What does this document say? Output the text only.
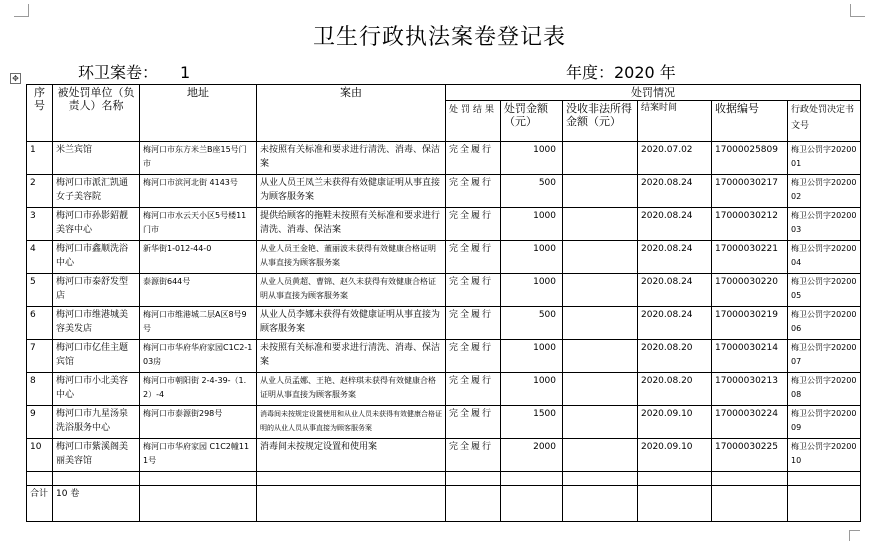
卫生行政执法案卷登记表
环卫案卷： 1	年度：2020 年
✥
序号	被处罚单位（负责人）名称	地址	案由	处罚情况					
				处罚结果	处罚金额（元）	没收非法所得金额（元）	结案时间	收据编号	行政处罚决定书文号
1	米兰宾馆	梅河口市东方米兰B座15号门市	未按照有关标准和要求进行清洗、消毒、保洁案	完全履行	1000		2020.07.02	17000025809	梅卫公罚字2020001
2	梅河口市派汇凯通女子美容院	梅河口市滨河北街 4143号	从业人员王凤兰未获得有效健康证明从事直接为顾客服务案	完全履行	500		2020.08.24	17000030217	梅卫公罚字2020002
3	梅河口市孙影鉊靓美容中心	梅河口市水云天小区5号楼11门市	提供给顾客的拖鞋未按照有关标准和要求进行清洗、消毒、保洁案	完全履行	1000		2020.08.24	17000030212	梅卫公罚字2020003
4	梅河口市鑫顺洗浴中心	新华街1-012-44-0	从业人员王金艳、董丽波未获得有效健康合格证明从事直接为顾客服务案	完全履行	1000		2020.08.24	17000030221	梅卫公罚字2020004
5	梅河口市泰舒发型店	泰源街644号	从业人员黄超、曹锦、赵久未获得有效健康合格证明从事直接为顾客服务案	完全履行	1000		2020.08.24	17000030220	梅卫公罚字2020005
6	梅河口市维港城美容美发店	梅河口市维港城二层A区8号9号	从业人员李娜未获得有效健康证明从事直接为顾客服务案	完全履行	500		2020.08.24	17000030219	梅卫公罚字2020006
7	梅河口市亿佳主题宾馆	梅河口市华府华府家园C1C2-103房	未按照有关标准和要求进行清洗、消毒、保洁案	完全履行	1000		2020.08.20	17000030214	梅卫公罚字2020007
8	梅河口市小北美容中心	梅河口市朝阳街 2-4-39-（1.2）-4	从业人员孟娜、王艳、赵梓琪未获得有效健康合格证明从事直接为顾客服务案	完全履行	1000		2020.08.20	17000030213	梅卫公罚字2020008
9	梅河口市九星汤泉洗浴服务中心	梅河口市泰源街298号	消毒间未按规定设置使用和从业人员未获得有效健康合格证明的从业人员从事直接为顾客服务案	完全履行	1500		2020.09.10	17000030224	梅卫公罚字2020009
10	梅河口市紫溪阁美丽美容馆	梅河口市华府家园 C1C2幢111号	消毒间未按规定设置和使用案	完全履行	2000		2020.09.10	17000030225	梅卫公罚字2020010

合计	10 卷								
